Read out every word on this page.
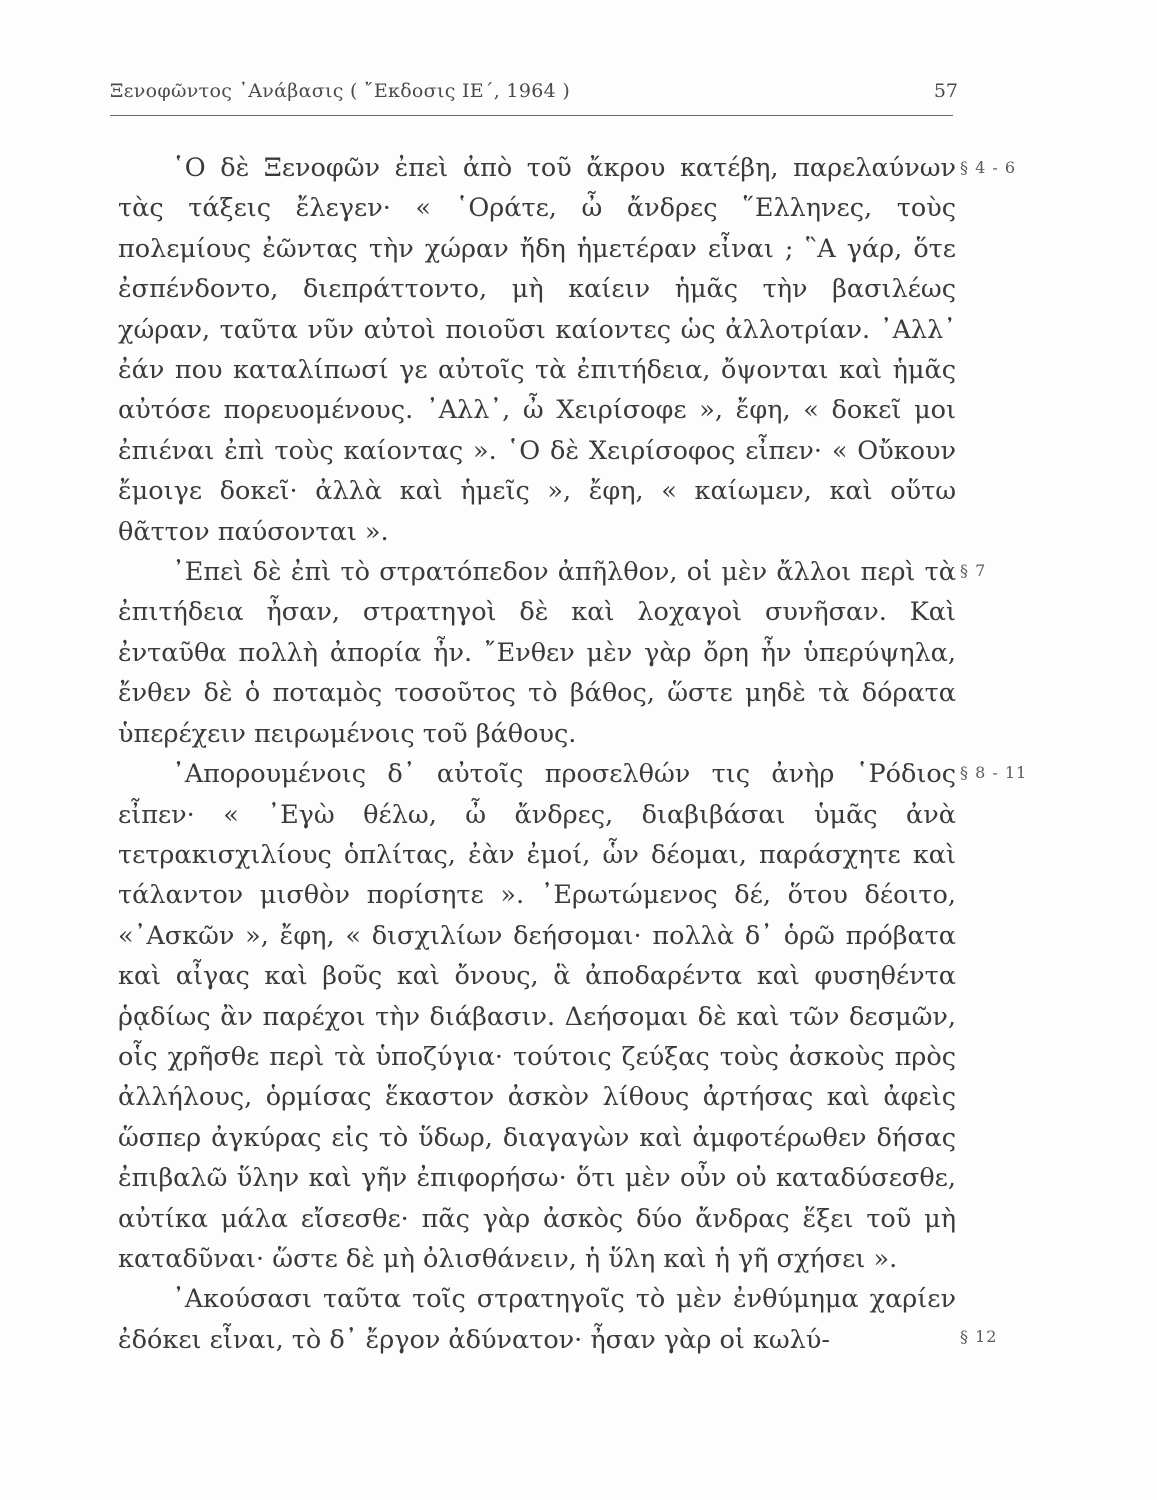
Ξενοφῶντος ᾿Ανάβασις ( ῎Εκδοσις ΙΕ΄, 1964 )	57

῾Ο δὲ Ξενοφῶν ἐπεὶ ἀπὸ τοῦ ἄκρου κατέβη, παρελαύνων τὰς τάξεις ἔλεγεν· « ῾Οράτε, ὦ ἄνδρες ῞Ελληνες, τοὺς πολεμίους ἐῶντας τὴν χώραν ἤδη ἡμετέραν εἶναι ; ῝Α γάρ, ὅτε ἐσπένδοντο, διεπράττοντο, μὴ καίειν ἡμᾶς τὴν βασιλέως χώραν, ταῦτα νῦν αὐτοὶ ποιοῦσι καίοντες ὡς ἀλλοτρίαν. ᾿Αλλ᾿ ἐάν που καταλίπωσί γε αὐτοῖς τὰ ἐπιτήδεια, ὄψονται καὶ ἡμᾶς αὐτόσε πορευομένους. ᾿Αλλ᾿, ὦ Χειρίσοφε », ἔφη, « δοκεῖ μοι ἐπιέναι ἐπὶ τοὺς καίοντας ». ῾Ο δὲ Χειρίσοφος εἶπεν· « Οὔκουν ἔμοιγε δοκεῖ· ἀλλὰ καὶ ἡμεῖς », ἔφη, « καίωμεν, καὶ οὕτω θᾶττον παύσονται ».

᾿Επεὶ δὲ ἐπὶ τὸ στρατόπεδον ἀπῆλθον, οἱ μὲν ἄλλοι περὶ τὰ ἐπιτήδεια ἦσαν, στρατηγοὶ δὲ καὶ λοχαγοὶ συνῆσαν. Καὶ ἐνταῦθα πολλὴ ἀπορία ἦν. ῎Ενθεν μὲν γὰρ ὄρη ἦν ὑπερύψηλα, ἔνθεν δὲ ὁ ποταμὸς τοσοῦτος τὸ βάθος, ὥστε μηδὲ τὰ δόρατα ὑπερέχειν πειρωμένοις τοῦ βάθους.

᾿Απορουμένοις δ᾿ αὐτοῖς προσελθών τις ἀνὴρ ῾Ρόδιος εἶπεν· « ᾿Εγὼ θέλω, ὦ ἄνδρες, διαβιβάσαι ὑμᾶς ἀνὰ τετρακισχιλίους ὁπλίτας, ἐὰν ἐμοί, ὧν δέομαι, παράσχητε καὶ τάλαντον μισθὸν πορίσητε ». ᾿Ερωτώμενος δέ, ὅτου δέοιτο, «᾿Ασκῶν », ἔφη, « δισχιλίων δεήσομαι· πολλὰ δ᾿ ὁρῶ πρόβατα καὶ αἶγας καὶ βοῦς καὶ ὄνους, ἃ ἀποδαρέντα καὶ φυσηθέντα ῥᾳδίως ἂν παρέχοι τὴν διάβασιν. Δεήσομαι δὲ καὶ τῶν δεσμῶν, οἷς χρῆσθε περὶ τὰ ὑποζύγια· τούτοις ζεύξας τοὺς ἀσκοὺς πρὸς ἀλλήλους, ὁρμίσας ἕκαστον ἀσκὸν λίθους ἀρτήσας καὶ ἀφεὶς ὥσπερ ἀγκύρας εἰς τὸ ὕδωρ, διαγαγὼν καὶ ἀμφοτέρωθεν δήσας ἐπιβαλῶ ὕλην καὶ γῆν ἐπιφορήσω· ὅτι μὲν οὖν οὐ καταδύσεσθε, αὐτίκα μάλα εἴσεσθε· πᾶς γὰρ ἀσκὸς δύο ἄνδρας ἕξει τοῦ μὴ καταδῦναι· ὥστε δὲ μὴ ὀλισθάνειν, ἡ ὕλη καὶ ἡ γῆ σχήσει ».

᾿Ακούσασι ταῦτα τοῖς στρατηγοῖς τὸ μὲν ἐνθύμημα χαρίεν ἐδόκει εἶναι, τὸ δ᾿ ἔργον ἀδύνατον· ἦσαν γὰρ οἱ κωλύ-

§ 4 - 6
§ 7
§ 8 - 11
§ 12
